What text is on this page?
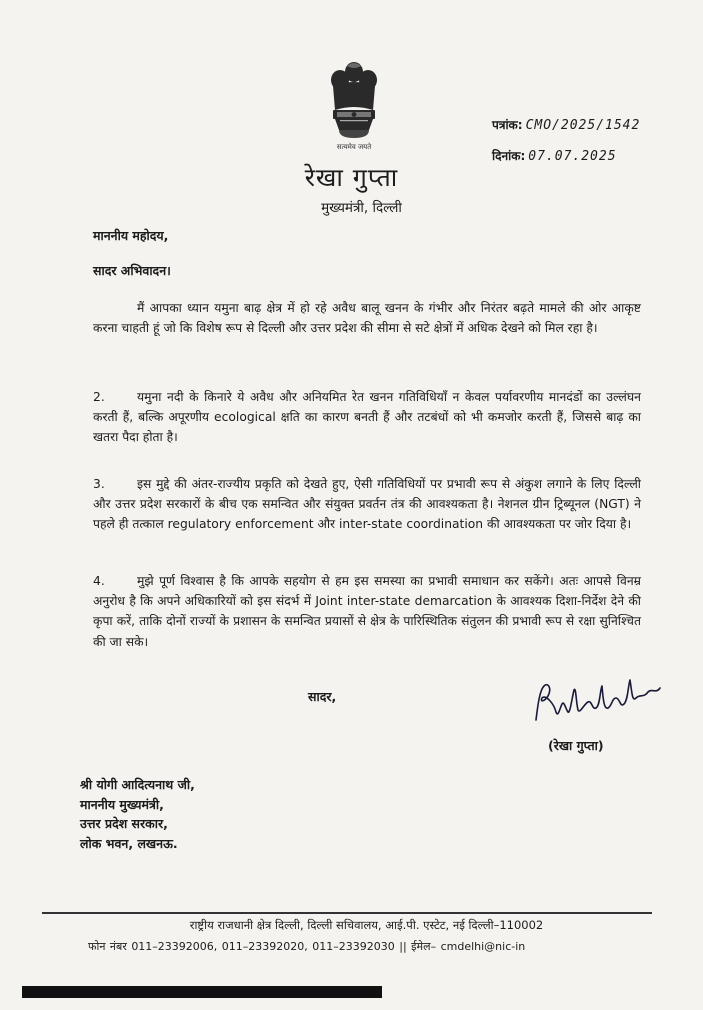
सत्यमेव जयते
रेखा गुप्ता
मुख्यमंत्री, दिल्ली
पत्रांक: CMO/2025/1542
दिनांक: 07.07.2025
माननीय महोदय,
सादर अभिवादन।

मैं आपका ध्यान यमुना बाढ़ क्षेत्र में हो रहे अवैध बालू खनन के गंभीर और निरंतर बढ़ते मामले की ओर आकृष्ट करना चाहती हूं जो कि विशेष रूप से दिल्ली और उत्तर प्रदेश की सीमा से सटे क्षेत्रों में अधिक देखने को मिल रहा है।

2.	यमुना नदी के किनारे ये अवैध और अनियमित रेत खनन गतिविधियाँ न केवल पर्यावरणीय मानदंडों का उल्लंघन करती हैं, बल्कि अपूरणीय ecological क्षति का कारण बनती हैं और तटबंधों को भी कमजोर करती हैं, जिससे बाढ़ का खतरा पैदा होता है।

3.	इस मुद्दे की अंतर-राज्यीय प्रकृति को देखते हुए, ऐसी गतिविधियों पर प्रभावी रूप से अंकुश लगाने के लिए दिल्ली और उत्तर प्रदेश सरकारों के बीच एक समन्वित और संयुक्त प्रवर्तन तंत्र की आवश्यकता है। नेशनल ग्रीन ट्रिब्यूनल (NGT) ने पहले ही तत्काल regulatory enforcement और inter-state coordination की आवश्यकता पर जोर दिया है।

4.	मुझे पूर्ण विश्वास है कि आपके सहयोग से हम इस समस्या का प्रभावी समाधान कर सकेंगे। अतः आपसे विनम्र अनुरोध है कि अपने अधिकारियों को इस संदर्भ में Joint inter-state demarcation के आवश्यक दिशा-निर्देश देने की कृपा करें, ताकि दोनों राज्यों के प्रशासन के समन्वित प्रयासों से क्षेत्र के पारिस्थितिक संतुलन की प्रभावी रूप से रक्षा सुनिश्चित की जा सके।

सादर,
(रेखा गुप्ता)
श्री योगी आदित्यनाथ जी,
माननीय मुख्यमंत्री,
उत्तर प्रदेश सरकार,
लोक भवन, लखनऊ.
राष्ट्रीय राजधानी क्षेत्र दिल्ली, दिल्ली सचिवालय, आई.पी. एस्टेट, नई दिल्ली–110002
फोन नंबर 011–23392006, 011–23392020, 011–23392030 || ईमेल– cmdelhi@nic-in
